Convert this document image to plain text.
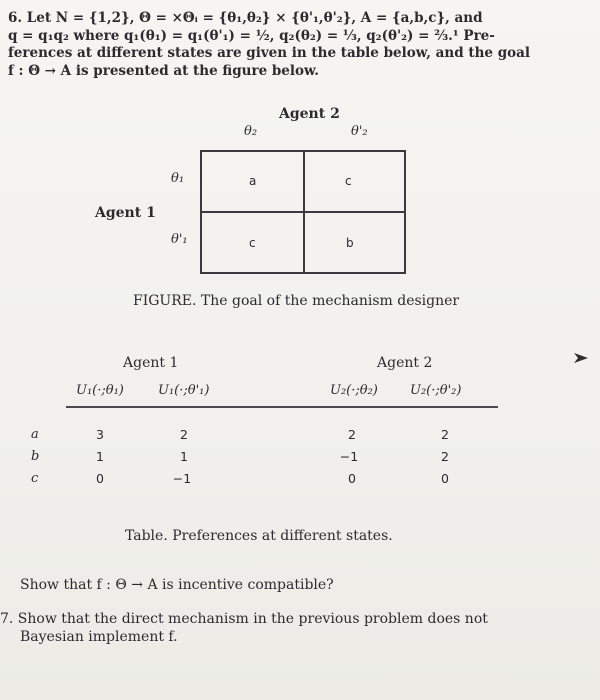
6. Let N = {1,2}, Θ = ×Θᵢ = {θ₁,θ₂} × {θ'₁,θ'₂}, A = {a,b,c}, and
q = q₁q₂ where q₁(θ₁) = q₁(θ'₁) = ½, q₂(θ₂) = ⅓, q₂(θ'₂) = ⅔.¹ Pre-
ferences at different states are given in the table below, and the goal
f : Θ → A is presented at the figure below.
Agent 2
θ₂	θ'₂
θ₁
θ'₁
Agent 1
a	c
c	b
FIGURE. The goal of the mechanism designer
Agent 1	Agent 2
U₁(·;θ₁)	U₁(·;θ'₁)	U₂(·;θ₂) U₂(·;θ'₂)
a	3	2	2	2
b	1	1	−1	2
c	0	−1	0	0
Table. Preferences at different states.
Show that f : Θ → A is incentive compatible?
7. Show that the direct mechanism in the previous problem does not
Bayesian implement f.
